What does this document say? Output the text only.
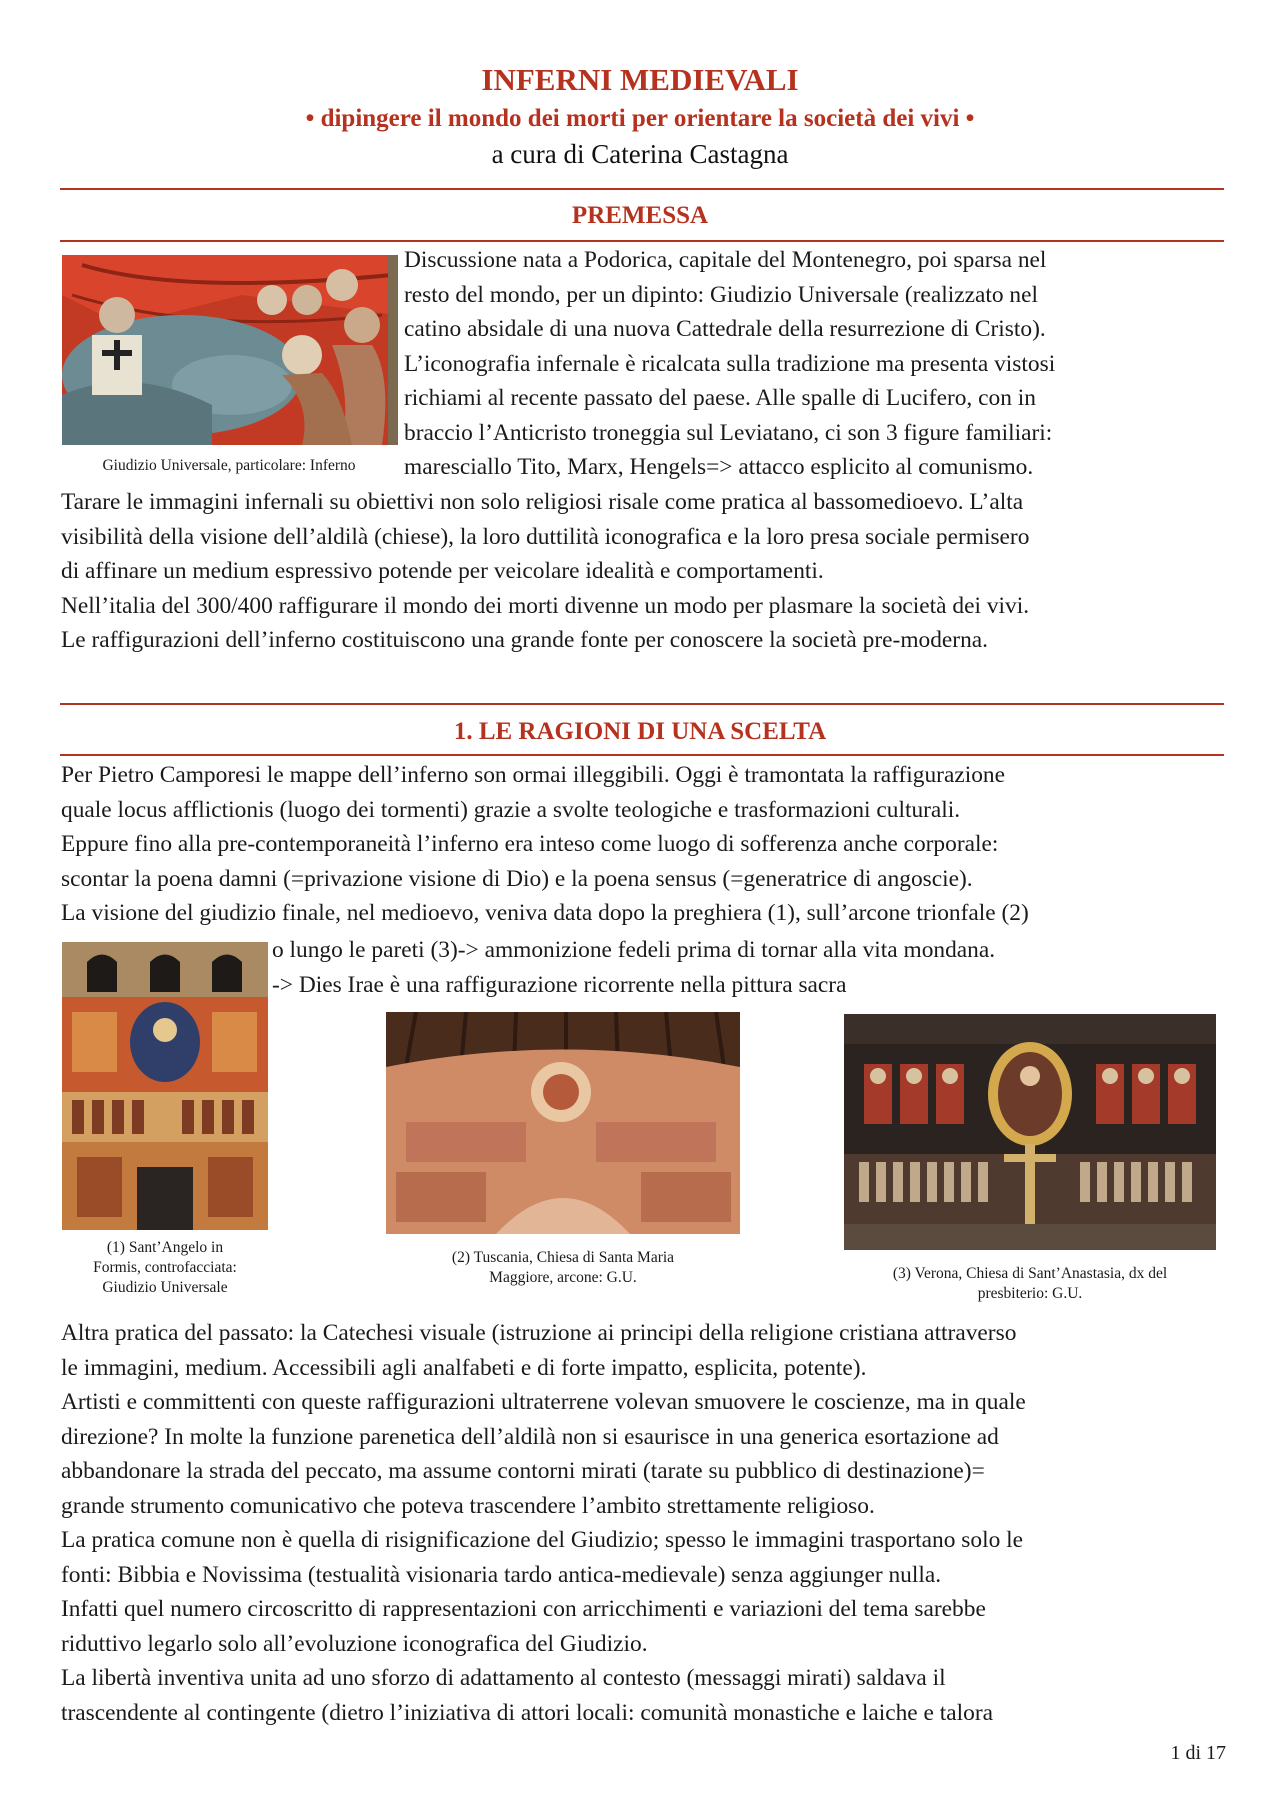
INFERNI MEDIEVALI
• dipingere il mondo dei morti per orientare la società dei vivi •
a cura di Caterina Castagna
PREMESSA
Giudizio Universale, particolare: Inferno
Discussione nata a Podorica, capitale del Montenegro, poi sparsa nel
resto del mondo, per un dipinto: Giudizio Universale (realizzato nel
catino absidale di una nuova Cattedrale della resurrezione di Cristo).
L’iconografia infernale è ricalcata sulla tradizione ma presenta vistosi
richiami al recente passato del paese. Alle spalle di Lucifero, con in
braccio l’Anticristo troneggia sul Leviatano, ci son 3 figure familiari:
maresciallo Tito, Marx, Hengels=> attacco esplicito al comunismo.
Tarare le immagini infernali su obiettivi non solo religiosi risale come pratica al bassomedioevo. L’alta
visibilità della visione dell’aldilà (chiese), la loro duttilità iconografica e la loro presa sociale permisero
di affinare un medium espressivo potende per veicolare idealità e comportamenti.
Nell’italia del 300/400 raffigurare il mondo dei morti divenne un modo per plasmare la società dei vivi.
Le raffigurazioni dell’inferno costituiscono una grande fonte per conoscere la società pre-moderna.
1. LE RAGIONI DI UNA SCELTA
Per Pietro Camporesi le mappe dell’inferno son ormai illeggibili. Oggi è tramontata la raffigurazione
quale locus afflictionis (luogo dei tormenti) grazie a svolte teologiche e trasformazioni culturali.
Eppure fino alla pre-contemporaneità l’inferno era inteso come luogo di sofferenza anche corporale:
scontar la poena damni (=privazione visione di Dio) e la poena sensus (=generatrice di angoscie).
La visione del giudizio finale, nel medioevo, veniva data dopo la preghiera (1), sull’arcone trionfale (2)
o lungo le pareti (3)-> ammonizione fedeli prima di tornar alla vita mondana.
-> Dies Irae è una raffigurazione ricorrente nella pittura sacra
(1) Sant’Angelo in
Formis, controfacciata:
Giudizio Universale
(2) Tuscania, Chiesa di Santa Maria
Maggiore, arcone: G.U.	(3) Verona, Chiesa di Sant’Anastasia, dx del
presbiterio: G.U.
Altra pratica del passato: la Catechesi visuale (istruzione ai principi della religione cristiana attraverso
le immagini, medium. Accessibili agli analfabeti e di forte impatto, esplicita, potente).
Artisti e committenti con queste raffigurazioni ultraterrene volevan smuovere le coscienze, ma in quale
direzione? In molte la funzione parenetica dell’aldilà non si esaurisce in una generica esortazione ad
abbandonare la strada del peccato, ma assume contorni mirati (tarate su pubblico di destinazione)=
grande strumento comunicativo che poteva trascendere l’ambito strettamente religioso.
La pratica comune non è quella di risignificazione del Giudizio; spesso le immagini trasportano solo le
fonti: Bibbia e Novissima (testualità visionaria tardo antica-medievale) senza aggiunger nulla.
Infatti quel numero circoscritto di rappresentazioni con arricchimenti e variazioni del tema sarebbe
riduttivo legarlo solo all’evoluzione iconografica del Giudizio.
La libertà inventiva unita ad uno sforzo di adattamento al contesto (messaggi mirati) saldava il
trascendente al contingente (dietro l’iniziativa di attori locali: comunità monastiche e laiche e talora
1 di 17
